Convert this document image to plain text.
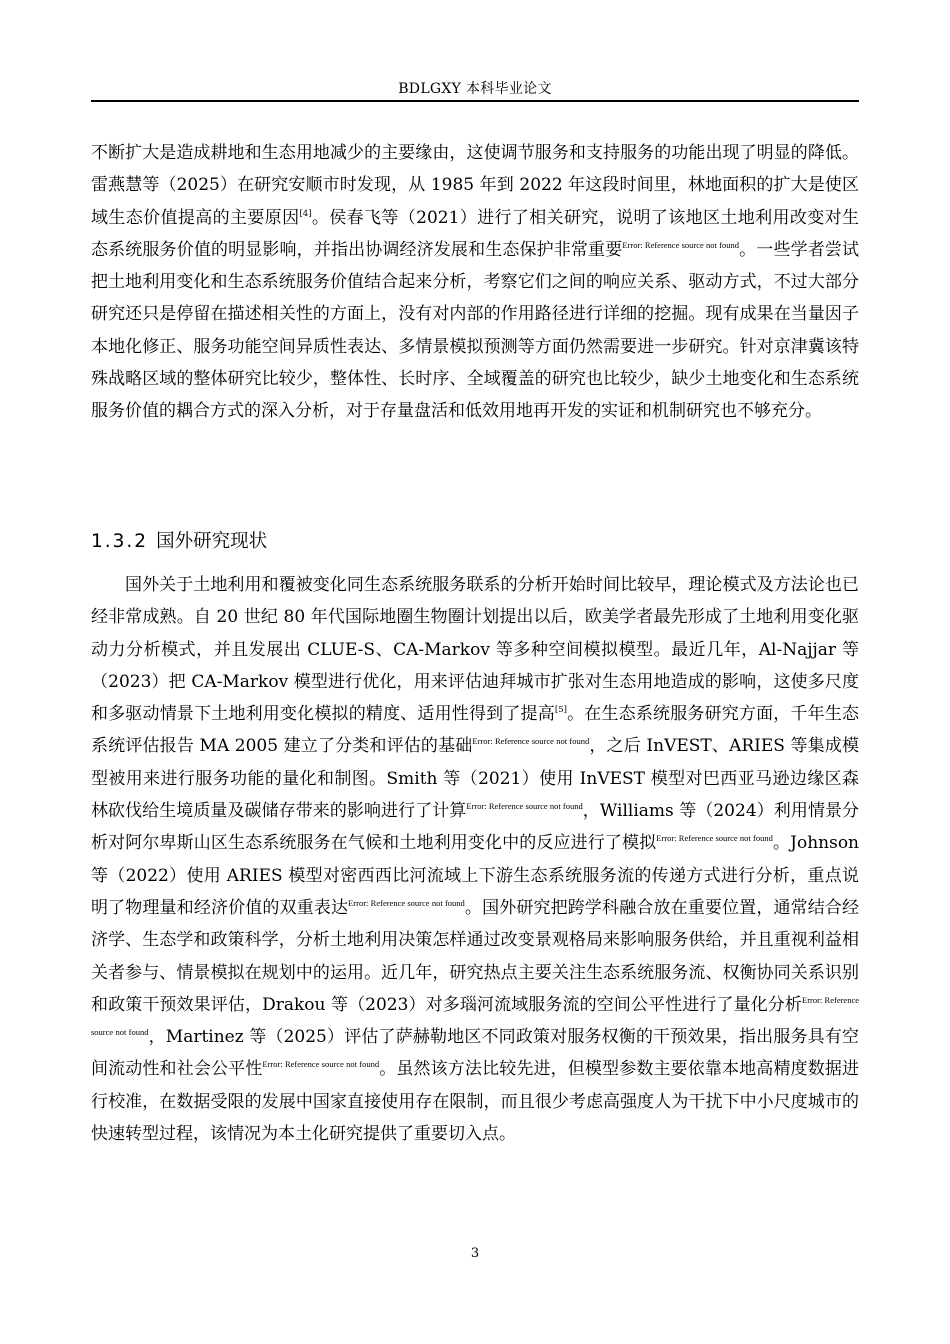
BDLGXY 本科毕业论文

不断扩大是造成耕地和生态用地减少的主要缘由，这使调节服务和支持服务的功能出现了明显的降低。雷燕慧等（2025）在研究安顺市时发现，从 1985 年到 2022 年这段时间里，林地面积的扩大是使区域生态价值提高的主要原因[4]。侯春飞等（2021）进行了相关研究，说明了该地区土地利用改变对生态系统服务价值的明显影响，并指出协调经济发展和生态保护非常重要$^{Error: Reference source not found}$。一些学者尝试把土地利用变化和生态系统服务价值结合起来分析，考察它们之间的响应关系、驱动方式，不过大部分研究还只是停留在描述相关性的方面上，没有对内部的作用路径进行详细的挖掘。现有成果在当量因子本地化修正、服务功能空间异质性表达、多情景模拟预测等方面仍然需要进一步研究。针对京津冀该特殊战略区域的整体研究比较少，整体性、长时序、全域覆盖的研究也比较少，缺少土地变化和生态系统服务价值的耦合方式的深入分析，对于存量盘活和低效用地再开发的实证和机制研究也不够充分。

1.3.2 国外研究现状

国外关于土地利用和覆被变化同生态系统服务联系的分析开始时间比较早，理论模式及方法论也已经非常成熟。自 20 世纪 80 年代国际地圈生物圈计划提出以后，欧美学者最先形成了土地利用变化驱动力分析模式，并且发展出 CLUE-S、CA-Markov 等多种空间模拟模型。最近几年，Al-Najjar 等（2023）把 CA-Markov 模型进行优化，用来评估迪拜城市扩张对生态用地造成的影响，这使多尺度和多驱动情景下土地利用变化模拟的精度、适用性得到了提高[5]。在生态系统服务研究方面，千年生态系统评估报告 MA 2005 建立了分类和评估的基础$^{Error: Reference source not found}$，之后 InVEST、ARIES 等集成模型被用来进行服务功能的量化和制图。Smith 等（2021）使用 InVEST 模型对巴西亚马逊边缘区森林砍伐给生境质量及碳储存带来的影响进行了计算$^{Error: Reference source not found}$，Williams 等（2024）利用情景分析对阿尔卑斯山区生态系统服务在气候和土地利用变化中的反应进行了模拟$^{Error: Reference source not found}$。Johnson 等（2022）使用 ARIES 模型对密西西比河流域上下游生态系统服务流的传递方式进行分析，重点说明了物理量和经济价值的双重表达$^{Error: Reference source not found}$。国外研究把跨学科融合放在重要位置，通常结合经济学、生态学和政策科学，分析土地利用决策怎样通过改变景观格局来影响服务供给，并且重视利益相关者参与、情景模拟在规划中的运用。近几年，研究热点主要关注生态系统服务流、权衡协同关系识别和政策干预效果评估，Drakou 等（2023）对多瑙河流域服务流的空间公平性进行了量化分析$^{Error: Reference source not found}$，Martinez 等（2025）评估了萨赫勒地区不同政策对服务权衡的干预效果，指出服务具有空间流动性和社会公平性$^{Error: Reference source not found}$。虽然该方法比较先进，但模型参数主要依靠本地高精度数据进行校准，在数据受限的发展中国家直接使用存在限制，而且很少考虑高强度人为干扰下中小尺度城市的快速转型过程，该情况为本土化研究提供了重要切入点。

3
